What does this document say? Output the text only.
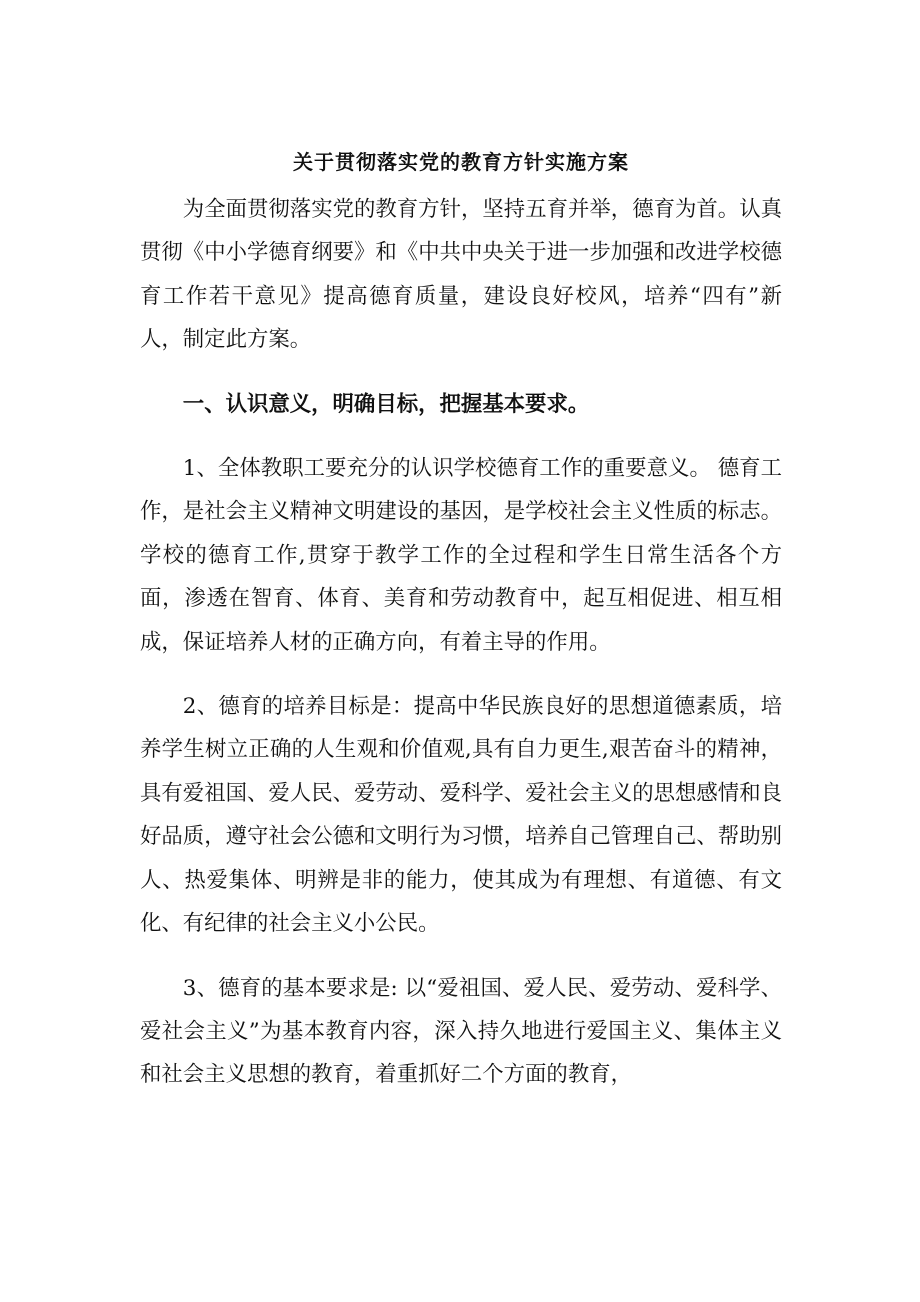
关于贯彻落实党的教育方针实施方案

为全面贯彻落实党的教育方针，坚持五育并举，德育为首。认真贯彻《中小学德育纲要》和《中共中央关于进一步加强和改进学校德育工作若干意见》提高德育质量，建设良好校风，培养“四有”新人，制定此方案。

一、认识意义，明确目标，把握基本要求。

1、全体教职工要充分的认识学校德育工作的重要意义。 德育工作，是社会主义精神文明建设的基因，是学校社会主义性质的标志。学校的德育工作,贯穿于教学工作的全过程和学生日常生活各个方面，渗透在智育、体育、美育和劳动教育中，起互相促进、相互相成，保证培养人材的正确方向，有着主导的作用。

2、德育的培养目标是：提高中华民族良好的思想道德素质，培养学生树立正确的人生观和价值观,具有自力更生,艰苦奋斗的精神，具有爱祖国、爱人民、爱劳动、爱科学、爱社会主义的思想感情和良好品质，遵守社会公德和文明行为习惯，培养自己管理自己、帮助别人、热爱集体、明辨是非的能力，使其成为有理想、有道德、有文化、有纪律的社会主义小公民。

3、德育的基本要求是: 以“爱祖国、爱人民、爱劳动、爱科学、爱社会主义”为基本教育内容，深入持久地进行爱国主义、集体主义和社会主义思想的教育，着重抓好二个方面的教育，
